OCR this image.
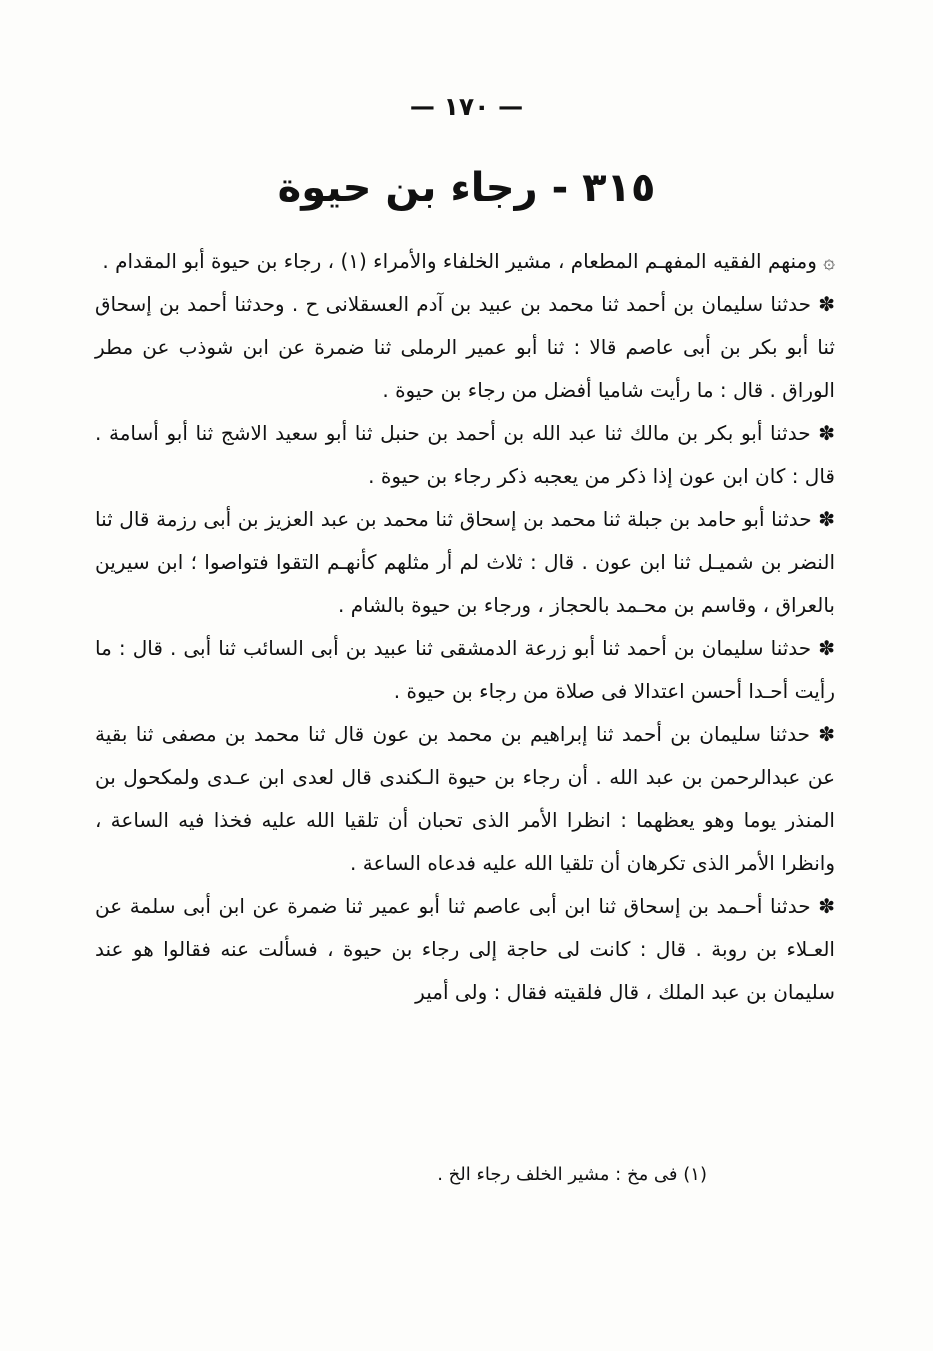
— ١٧٠ —
٣١٥ - رجاء بن حيوة

۞ ومنهم الفقيه المفهـم المطعام ، مشير الخلفاء والأمراء (١) ، رجاء بن حيوة أبو المقدام .

✽ حدثنا سليمان بن أحمد ثنا محمد بن عبيد بن آدم العسقلانى ح . وحدثنا أحمد بن إسحاق ثنا أبو بكر بن أبى عاصم قالا : ثنا أبو عمير الرملى ثنا ضمرة عن ابن شوذب عن مطر الوراق . قال : ما رأيت شاميا أفضل من رجاء بن حيوة .

✽ حدثنا أبو بكر بن مالك ثنا عبد الله بن أحمد بن حنبل ثنا أبو سعيد الاشج ثنا أبو أسامة . قال : كان ابن عون إذا ذكر من يعجبه ذكر رجاء بن حيوة .

✽ حدثنا أبو حامد بن جبلة ثنا محمد بن إسحاق ثنا محمد بن عبد العزيز بن أبى رزمة قال ثنا النضر بن شميـل ثنا ابن عون . قال : ثلاث لم أر مثلهم كأنهـم التقوا فتواصوا ؛ ابن سيرين بالعراق ، وقاسم بن محـمد بالحجاز ، ورجاء بن حيوة بالشام .

✽ حدثنا سليمان بن أحمد ثنا أبو زرعة الدمشقى ثنا عبيد بن أبى السائب ثنا أبى . قال : ما رأيت أحـدا أحسن اعتدالا فى صلاة من رجاء بن حيوة .

✽ حدثنا سليمان بن أحمد ثنا إبراهيم بن محمد بن عون قال ثنا محمد بن مصفى ثنا بقية عن عبدالرحمن بن عبد الله . أن رجاء بن حيوة الـكندى قال لعدى ابن عـدى ولمكحول بن المنذر يوما وهو يعظهما : انظرا الأمر الذى تحبان أن تلقيا الله عليه فخذا فيه الساعة ، وانظرا الأمر الذى تكرهان أن تلقيا الله عليه فدعاه الساعة .

✽ حدثنا أحـمد بن إسحاق ثنا ابن أبى عاصم ثنا أبو عمير ثنا ضمرة عن ابن أبى سلمة عن العـلاء بن روبة . قال : كانت لى حاجة إلى رجاء بن حيوة ، فسألت عنه فقالوا هو عند سليمان بن عبد الملك ، قال فلقيته فقال : ولى أمير

(١) فى مخ : مشير الخلف رجاء الخ .
